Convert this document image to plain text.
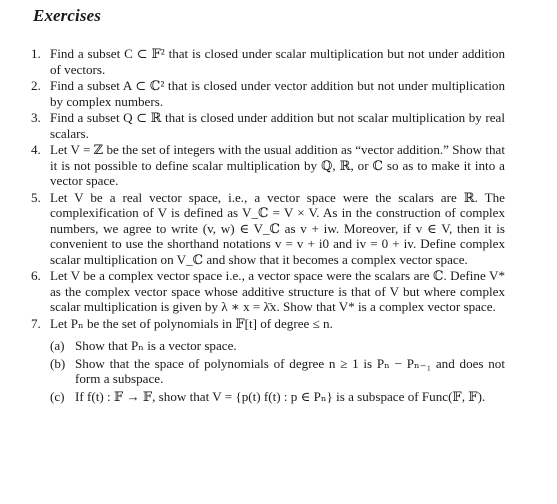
Exercises
1. Find a subset C ⊂ 𝔽² that is closed under scalar multiplication but not under addition of vectors.
2. Find a subset A ⊂ ℂ² that is closed under vector addition but not under multiplication by complex numbers.
3. Find a subset Q ⊂ ℝ that is closed under addition but not scalar multiplication by real scalars.
4. Let V = ℤ be the set of integers with the usual addition as “vector addition.” Show that it is not possible to define scalar multiplication by ℚ, ℝ, or ℂ so as to make it into a vector space.
5. Let V be a real vector space, i.e., a vector space were the scalars are ℝ. The complexification of V is defined as V_ℂ = V × V. As in the construction of complex numbers, we agree to write (v, w) ∈ V_ℂ as v + iw. Moreover, if v ∈ V, then it is convenient to use the shorthand notations v = v + i0 and iv = 0 + iv. Define complex scalar multiplication on V_ℂ and show that it becomes a complex vector space.
6. Let V be a complex vector space i.e., a vector space were the scalars are ℂ. Define V* as the complex vector space whose additive structure is that of V but where complex scalar multiplication is given by λ ∗ x = λ̄x. Show that V* is a complex vector space.
7. Let Pₙ be the set of polynomials in 𝔽[t] of degree ≤ n.
(a) Show that Pₙ is a vector space.
(b) Show that the space of polynomials of degree n ≥ 1 is Pₙ − Pₙ₋₁ and does not form a subspace.
(c) If f(t) : 𝔽 → 𝔽, show that V = {p(t) f(t) : p ∈ Pₙ} is a subspace of Func(𝔽, 𝔽).
